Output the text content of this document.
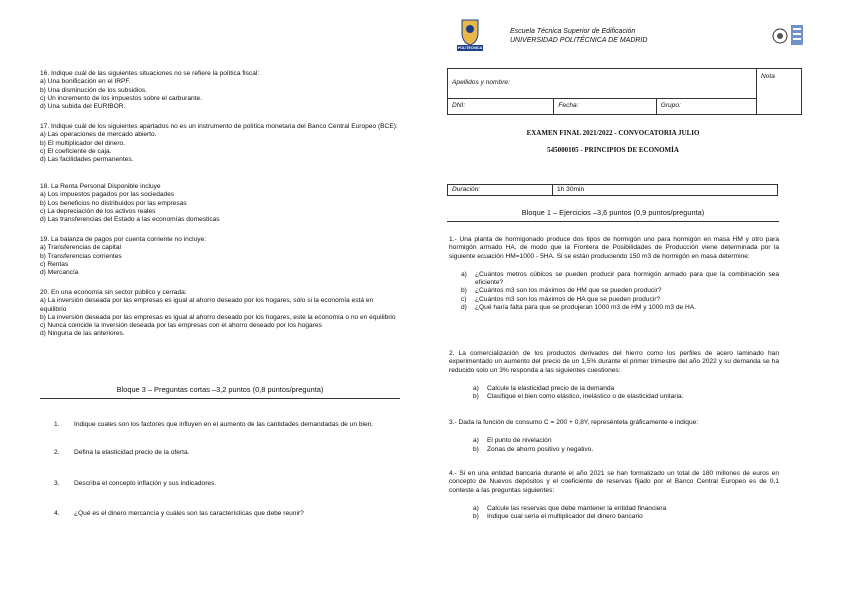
POLITÉCNICA
Escuela Técnica Superior de Edificación
UNIVERSIDAD POLITÉCNICA DE MADRID
Apellidos y nombre:			Nota
DNI:	Fecha:	Grupo:	
EXAMEN FINAL 2021/2022 - CONVOCATORIA JULIO
545000105 - PRINCIPIOS DE ECONOMÍA
Duración:	1h 30min
Bloque 1 – Ejercicios –3,6 puntos (0,9 puntos/pregunta)

1.- Una planta de hormigonado produce dos tipos de hormigón uno para hormigón en masa HM y otro para hormigón armado HA, de modo que la Frontera de Posibilidades de Producción viene determinada por la siguiente ecuación HM=1000 - 5HA. Si se están produciendo 150 m3 de hormigón en masa determine:

a) ¿Cuántos metros cúbicos se pueden producir para hormigón armado para que la combinación sea eficiente?
b) ¿Cuántos m3 son los máximos de HM que se pueden producir?
c) ¿Cuántos m3 son los máximos de HA que se pueden producir?
d) ¿Qué haría falta para que se produjeran 1000 m3 de HM y 1000 m3 de HA.

2. La comercialización de los productos derivados del hierro como los perfiles de acero laminado han experimentado un aumento del precio de un 1,5% durante el primer trimestre del año 2022 y su demanda se ha reducido solo un 3% responda a las siguientes cuestiones:

a) Calcule la elasticidad precio de la demanda
b) Clasifique el bien como elástico, inelástico o de elasticidad unitaria.

3.- Dada la función de consumo C = 200 + 0,8Y, represéntela gráficamente e indique:

a) El punto de nivelación
b) Zonas de ahorro positivo y negativo.

4.- Si en una entidad bancaria durante el año 2021 se han formalizado un total de 180 millones de euros en concepto de Nuevos depósitos y el coeficiente de reservas fijado por el Banco Central Europeo es de 0,1 conteste a las preguntas siguientes:

a) Calcule las reservas que debe mantener la entidad financiera
b) Indique cual sería el multiplicador del dinero bancario

16. Indique cuál de las siguientes situaciones no se refiere la política fiscal:

a) Una bonificación en el IRPF.

b) Una disminución de los subsidios.

c) Un incremento de los impuestos sobre el carburante.

d) Una subida del EURIBOR.

17. Indique cuál de los siguientes apartados no es un instrumento de política monetaria del Banco Central Europeo (BCE):

a) Las operaciones de mercado abierto.

b) El multiplicador del dinero.

c) El coeficiente de caja.

d) Las facilidades permanentes.

18. La Renta Personal Disponible incluye

a) Los impuestos pagados por las sociedades

b) Los beneficios no distribuidos por las empresas

c) La depreciación de los activos reales

d) Las transferencias del Estado a las economías domesticas

19. La balanza de pagos por cuenta corriente no incluye:

a) Transferencias de capital

b) Transferencias corrientes

c) Rentas

d) Mercancía

20. En una economía sin sector público y cerrada:

a) La inversión deseada por las empresas es igual al ahorro deseado por los hogares, sólo si la economía está en equilibrio

b) La inversión deseada por las empresas es igual al ahorro deseado por los hogares, este la economía o no en equilibrio

c) Nunca coincide la inversión deseada por las empresas con el ahorro deseado por los hogares

d) Ninguna de las anteriores.

Bloque 3 – Preguntas cortas –3,2 puntos (0,8 puntos/pregunta)
1. Indique cuales son los factores que influyen en el aumento de las cantidades demandadas de un bien.
2. Defina la elasticidad precio de la oferta.
3. Describa el concepto inflación y sus indicadores.
4. ¿Qué es el dinero mercancía y cuáles son las características que debe reunir?
